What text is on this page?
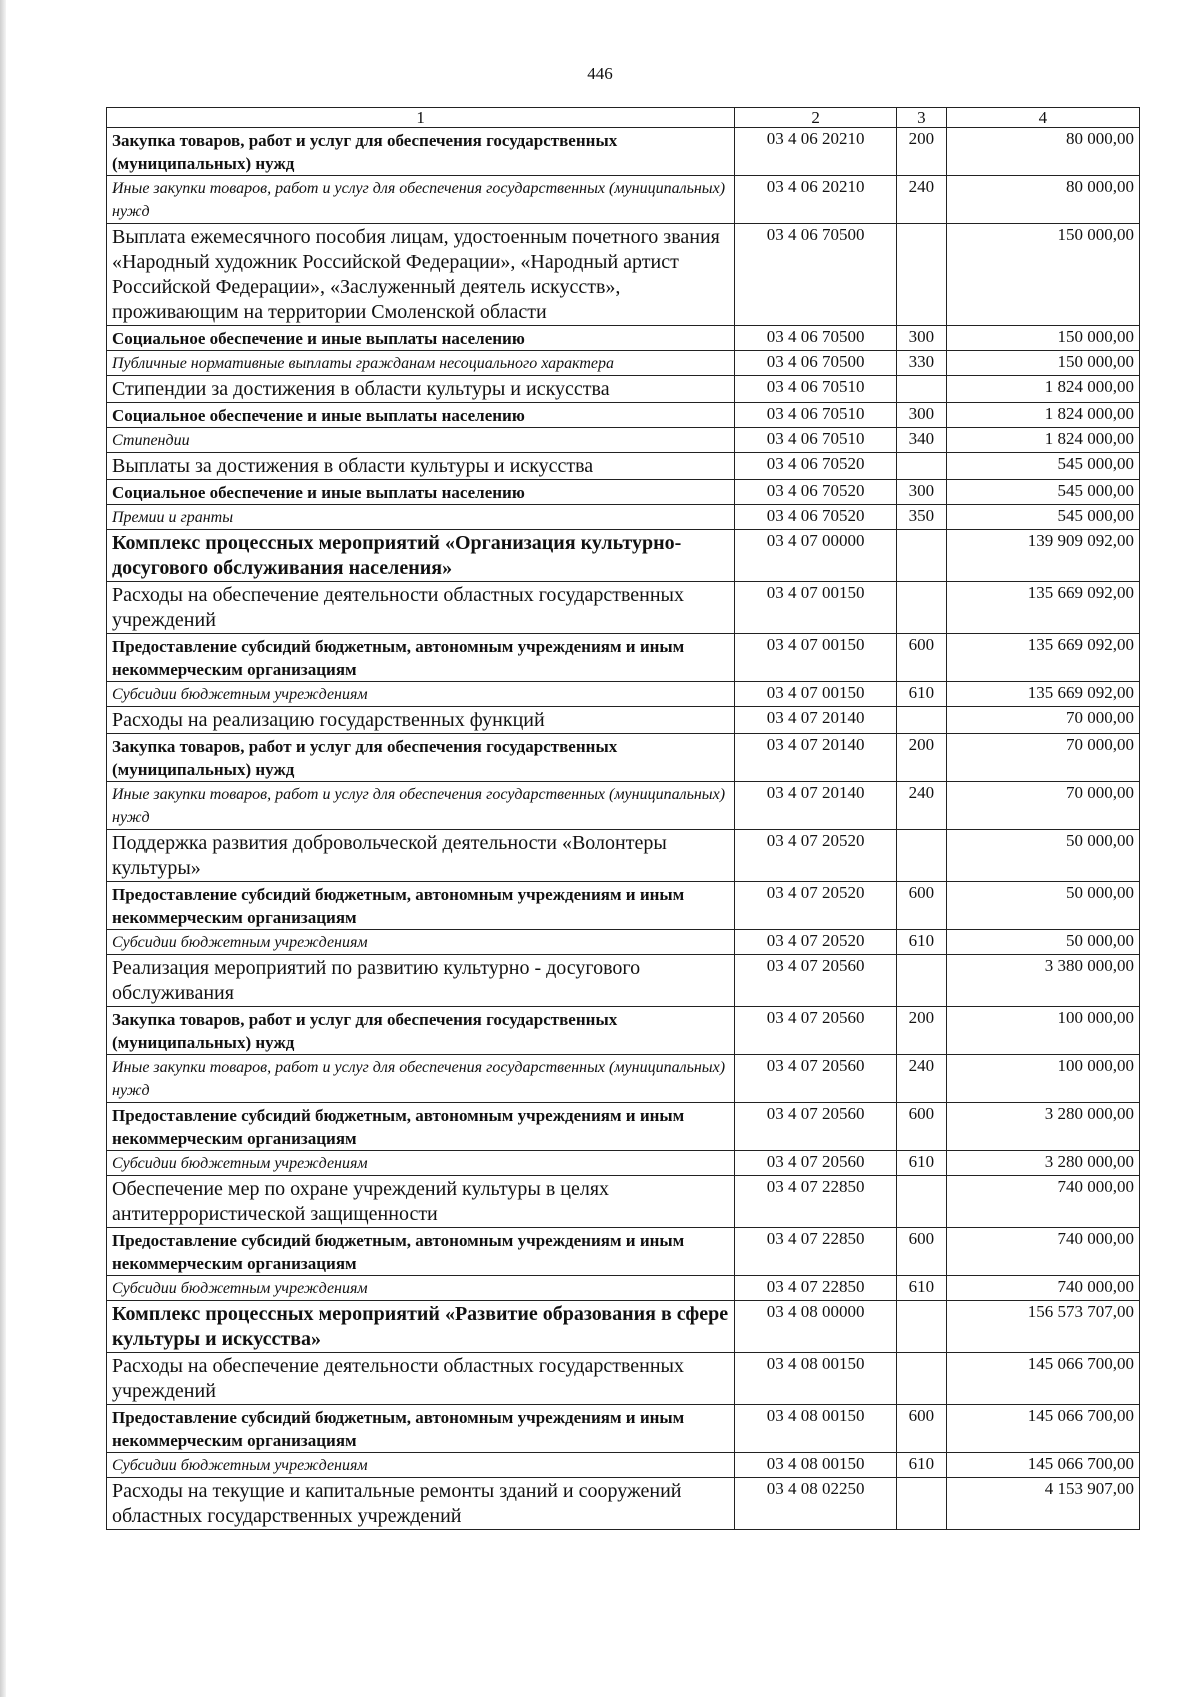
446
1	2	3	4
Закупка товаров, работ и услуг для обеспечения государственных (муниципальных) нужд	03 4 06 20210	200	80 000,00
Иные закупки товаров, работ и услуг для обеспечения государственных (муниципальных) нужд	03 4 06 20210	240	80 000,00
Выплата ежемесячного пособия лицам, удостоенным почетного звания «Народный художник Российской Федерации», «Народный артист Российской Федерации», «Заслуженный деятель искусств», проживающим на территории Смоленской области	03 4 06 70500		150 000,00
Социальное обеспечение и иные выплаты населению	03 4 06 70500	300	150 000,00
Публичные нормативные выплаты гражданам несоциального характера	03 4 06 70500	330	150 000,00
Стипендии за достижения в области культуры и искусства	03 4 06 70510		1 824 000,00
Социальное обеспечение и иные выплаты населению	03 4 06 70510	300	1 824 000,00
Стипендии	03 4 06 70510	340	1 824 000,00
Выплаты за достижения в области культуры и искусства	03 4 06 70520		545 000,00
Социальное обеспечение и иные выплаты населению	03 4 06 70520	300	545 000,00
Премии и гранты	03 4 06 70520	350	545 000,00
Комплекс процессных мероприятий «Организация культурно-досугового обслуживания населения»	03 4 07 00000		139 909 092,00
Расходы на обеспечение деятельности областных государственных учреждений	03 4 07 00150		135 669 092,00
Предоставление субсидий бюджетным, автономным учреждениям и иным некоммерческим организациям	03 4 07 00150	600	135 669 092,00
Субсидии бюджетным учреждениям	03 4 07 00150	610	135 669 092,00
Расходы на реализацию государственных функций	03 4 07 20140		70 000,00
Закупка товаров, работ и услуг для обеспечения государственных (муниципальных) нужд	03 4 07 20140	200	70 000,00
Иные закупки товаров, работ и услуг для обеспечения государственных (муниципальных) нужд	03 4 07 20140	240	70 000,00
Поддержка развития добровольческой деятельности «Волонтеры культуры»	03 4 07 20520		50 000,00
Предоставление субсидий бюджетным, автономным учреждениям и иным некоммерческим организациям	03 4 07 20520	600	50 000,00
Субсидии бюджетным учреждениям	03 4 07 20520	610	50 000,00
Реализация мероприятий по развитию культурно - досугового обслуживания	03 4 07 20560		3 380 000,00
Закупка товаров, работ и услуг для обеспечения государственных (муниципальных) нужд	03 4 07 20560	200	100 000,00
Иные закупки товаров, работ и услуг для обеспечения государственных (муниципальных) нужд	03 4 07 20560	240	100 000,00
Предоставление субсидий бюджетным, автономным учреждениям и иным некоммерческим организациям	03 4 07 20560	600	3 280 000,00
Субсидии бюджетным учреждениям	03 4 07 20560	610	3 280 000,00
Обеспечение мер по охране учреждений культуры в целях антитеррористической защищенности	03 4 07 22850		740 000,00
Предоставление субсидий бюджетным, автономным учреждениям и иным некоммерческим организациям	03 4 07 22850	600	740 000,00
Субсидии бюджетным учреждениям	03 4 07 22850	610	740 000,00
Комплекс процессных мероприятий «Развитие образования в сфере культуры и искусства»	03 4 08 00000		156 573 707,00
Расходы на обеспечение деятельности областных государственных учреждений	03 4 08 00150		145 066 700,00
Предоставление субсидий бюджетным, автономным учреждениям и иным некоммерческим организациям	03 4 08 00150	600	145 066 700,00
Субсидии бюджетным учреждениям	03 4 08 00150	610	145 066 700,00
Расходы на текущие и капитальные ремонты зданий и сооружений областных государственных учреждений	03 4 08 02250		4 153 907,00
